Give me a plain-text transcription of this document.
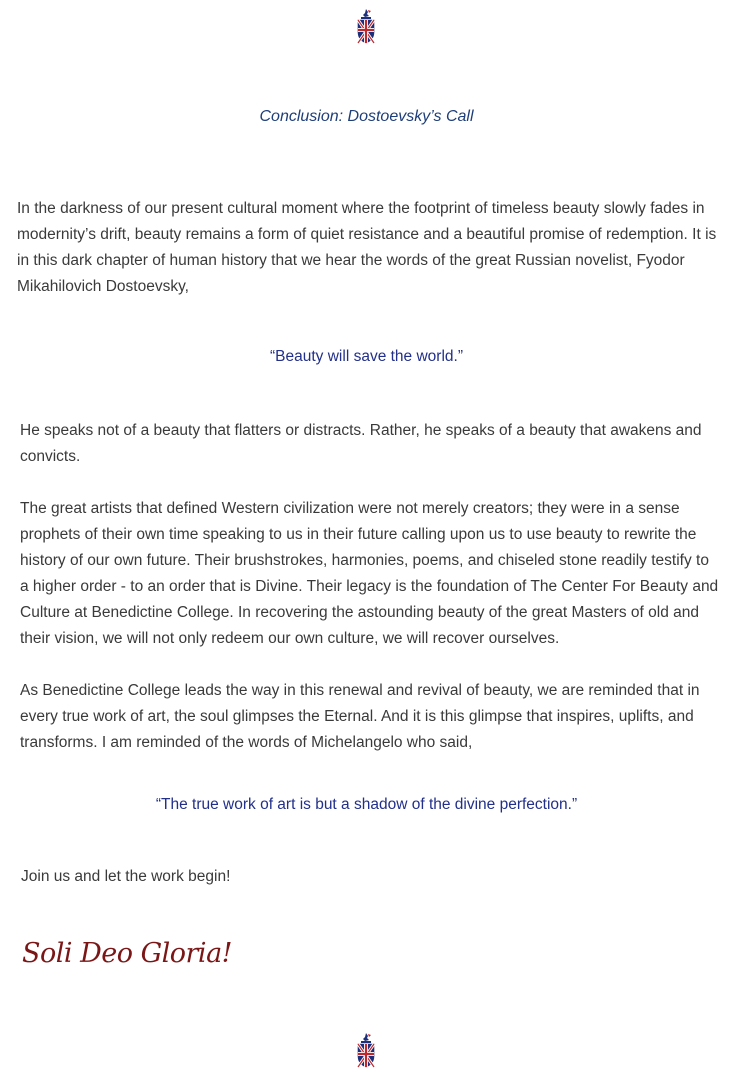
Conclusion: Dostoevsky’s Call

In the darkness of our present cultural moment where the footprint of timeless beauty slowly fades in modernity’s drift, beauty remains a form of quiet resistance and a beautiful promise of redemption. It is in this dark chapter of human history that we hear the words of the great Russian novelist, Fyodor Mikahilovich Dostoevsky,

“Beauty will save the world.”

He speaks not of a beauty that flatters or distracts. Rather, he speaks of a beauty that awakens and convicts.

The great artists that defined Western civilization were not merely creators; they were in a sense prophets of their own time speaking to us in their future calling upon us to use beauty to rewrite the history of our own future. Their brushstrokes, harmonies, poems, and chiseled stone readily testify to a higher order - to an order that is Divine. Their legacy is the foundation of The Center For Beauty and Culture at Benedictine College. In recovering the astounding beauty of the great Masters of old and their vision, we will not only redeem our own culture, we will recover ourselves.

As Benedictine College leads the way in this renewal and revival of beauty, we are reminded that in every true work of art, the soul glimpses the Eternal. And it is this glimpse that inspires, uplifts, and transforms. I am reminded of the words of Michelangelo who said,

“The true work of art is but a shadow of the divine perfection.”

Join us and let the work begin!

Soli Deo Gloria!
